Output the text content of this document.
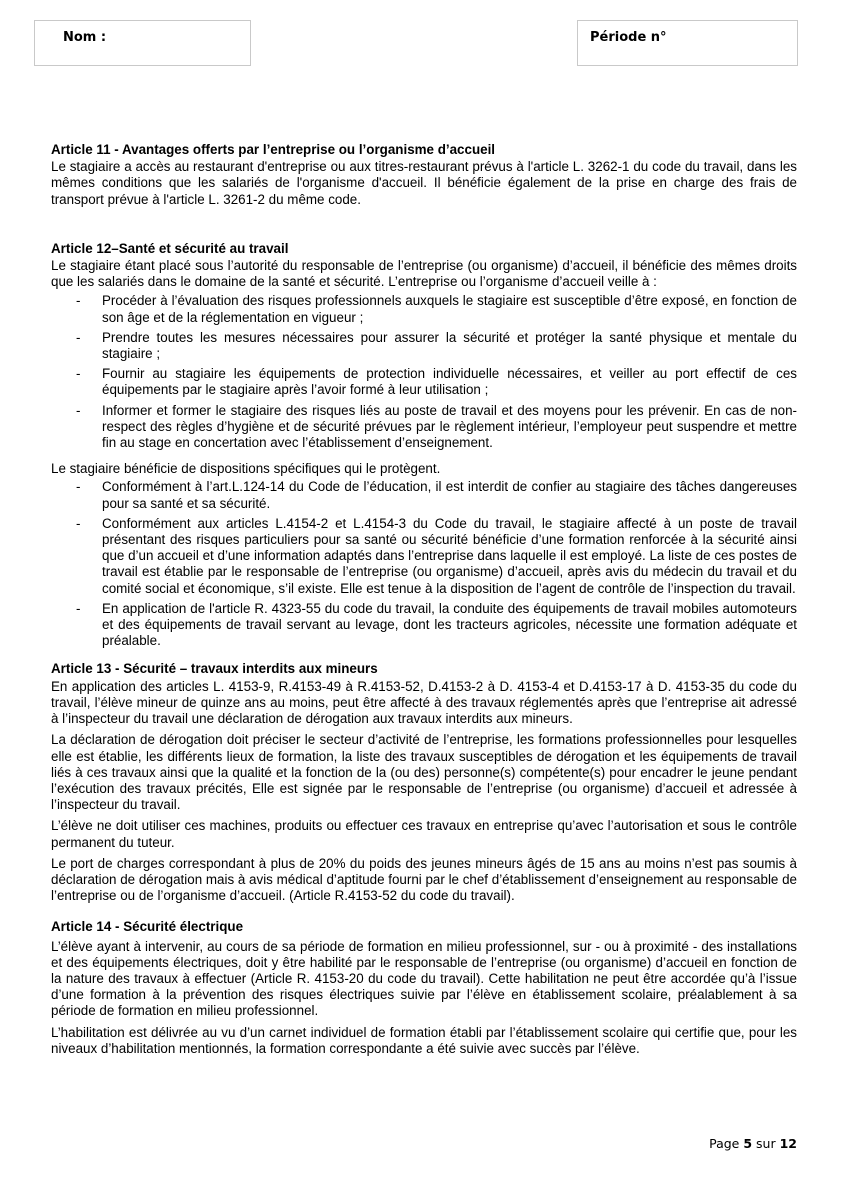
Nom :	Période n°

Article 11 - Avantages offerts par l’entreprise ou l’organisme d’accueil

Le stagiaire a accès au restaurant d'entreprise ou aux titres-restaurant prévus à l'article L. 3262-1 du code du travail, dans les mêmes conditions que les salariés de l'organisme d'accueil. Il bénéficie également de la prise en charge des frais de transport prévue à l'article L. 3261-2 du même code.

Article 12–Santé et sécurité au travail

Le stagiaire étant placé sous l’autorité du responsable de l’entreprise (ou organisme) d’accueil, il bénéficie des mêmes droits que les salariés dans le domaine de la santé et sécurité. L’entreprise ou l’organisme d’accueil veille à :

- Procéder à l’évaluation des risques professionnels auxquels le stagiaire est susceptible d’être exposé, en fonction de son âge et de la réglementation en vigueur ;
- Prendre toutes les mesures nécessaires pour assurer la sécurité et protéger la santé physique et mentale du stagiaire ;
- Fournir au stagiaire les équipements de protection individuelle nécessaires, et veiller au port effectif de ces équipements par le stagiaire après l’avoir formé à leur utilisation ;
- Informer et former le stagiaire des risques liés au poste de travail et des moyens pour les prévenir. En cas de non-respect des règles d’hygiène et de sécurité prévues par le règlement intérieur, l’employeur peut suspendre et mettre fin au stage en concertation avec l’établissement d’enseignement.

Le stagiaire bénéficie de dispositions spécifiques qui le protègent.

- Conformément à l’art.L.124-14 du Code de l’éducation, il est interdit de confier au stagiaire des tâches dangereuses pour sa santé et sa sécurité.
- Conformément aux articles L.4154-2 et L.4154-3 du Code du travail, le stagiaire affecté à un poste de travail présentant des risques particuliers pour sa santé ou sécurité bénéficie d’une formation renforcée à la sécurité ainsi que d’un accueil et d’une information adaptés dans l’entreprise dans laquelle il est employé. La liste de ces postes de travail est établie par le responsable de l’entreprise (ou organisme) d’accueil, après avis du médecin du travail et du comité social et économique, s’il existe. Elle est tenue à la disposition de l’agent de contrôle de l’inspection du travail.
- En application de l'article R. 4323-55 du code du travail, la conduite des équipements de travail mobiles automoteurs et des équipements de travail servant au levage, dont les tracteurs agricoles, nécessite une formation adéquate et préalable.

Article 13 - Sécurité – travaux interdits aux mineurs

En application des articles L. 4153-9, R.4153-49 à R.4153-52, D.4153-2 à D. 4153-4 et D.4153-17 à D. 4153-35 du code du travail, l’élève mineur de quinze ans au moins, peut être affecté à des travaux réglementés après que l’entreprise ait adressé à l’inspecteur du travail une déclaration de dérogation aux travaux interdits aux mineurs.

La déclaration de dérogation doit préciser le secteur d’activité de l’entreprise, les formations professionnelles pour lesquelles elle est établie, les différents lieux de formation, la liste des travaux susceptibles de dérogation et les équipements de travail liés à ces travaux ainsi que la qualité et la fonction de la (ou des) personne(s) compétente(s) pour encadrer le jeune pendant l’exécution des travaux précités, Elle est signée par le responsable de l’entreprise (ou organisme) d’accueil et adressée à l’inspecteur du travail.

L’élève ne doit utiliser ces machines, produits ou effectuer ces travaux en entreprise qu’avec l’autorisation et sous le contrôle permanent du tuteur.

Le port de charges correspondant à plus de 20% du poids des jeunes mineurs âgés de 15 ans au moins n’est pas soumis à déclaration de dérogation mais à avis médical d’aptitude fourni par le chef d’établissement d’enseignement au responsable de l’entreprise ou de l’organisme d’accueil. (Article R.4153-52 du code du travail).

Article 14 - Sécurité électrique

L’élève ayant à intervenir, au cours de sa période de formation en milieu professionnel, sur - ou à proximité - des installations et des équipements électriques, doit y être habilité par le responsable de l’entreprise (ou organisme) d’accueil en fonction de la nature des travaux à effectuer (Article R. 4153-20 du code du travail). Cette habilitation ne peut être accordée qu’à l’issue d’une formation à la prévention des risques électriques suivie par l’élève en établissement scolaire, préalablement à sa période de formation en milieu professionnel.

L’habilitation est délivrée au vu d’un carnet individuel de formation établi par l’établissement scolaire qui certifie que, pour les niveaux d’habilitation mentionnés, la formation correspondante a été suivie avec succès par l’élève.

Page 5 sur 12
